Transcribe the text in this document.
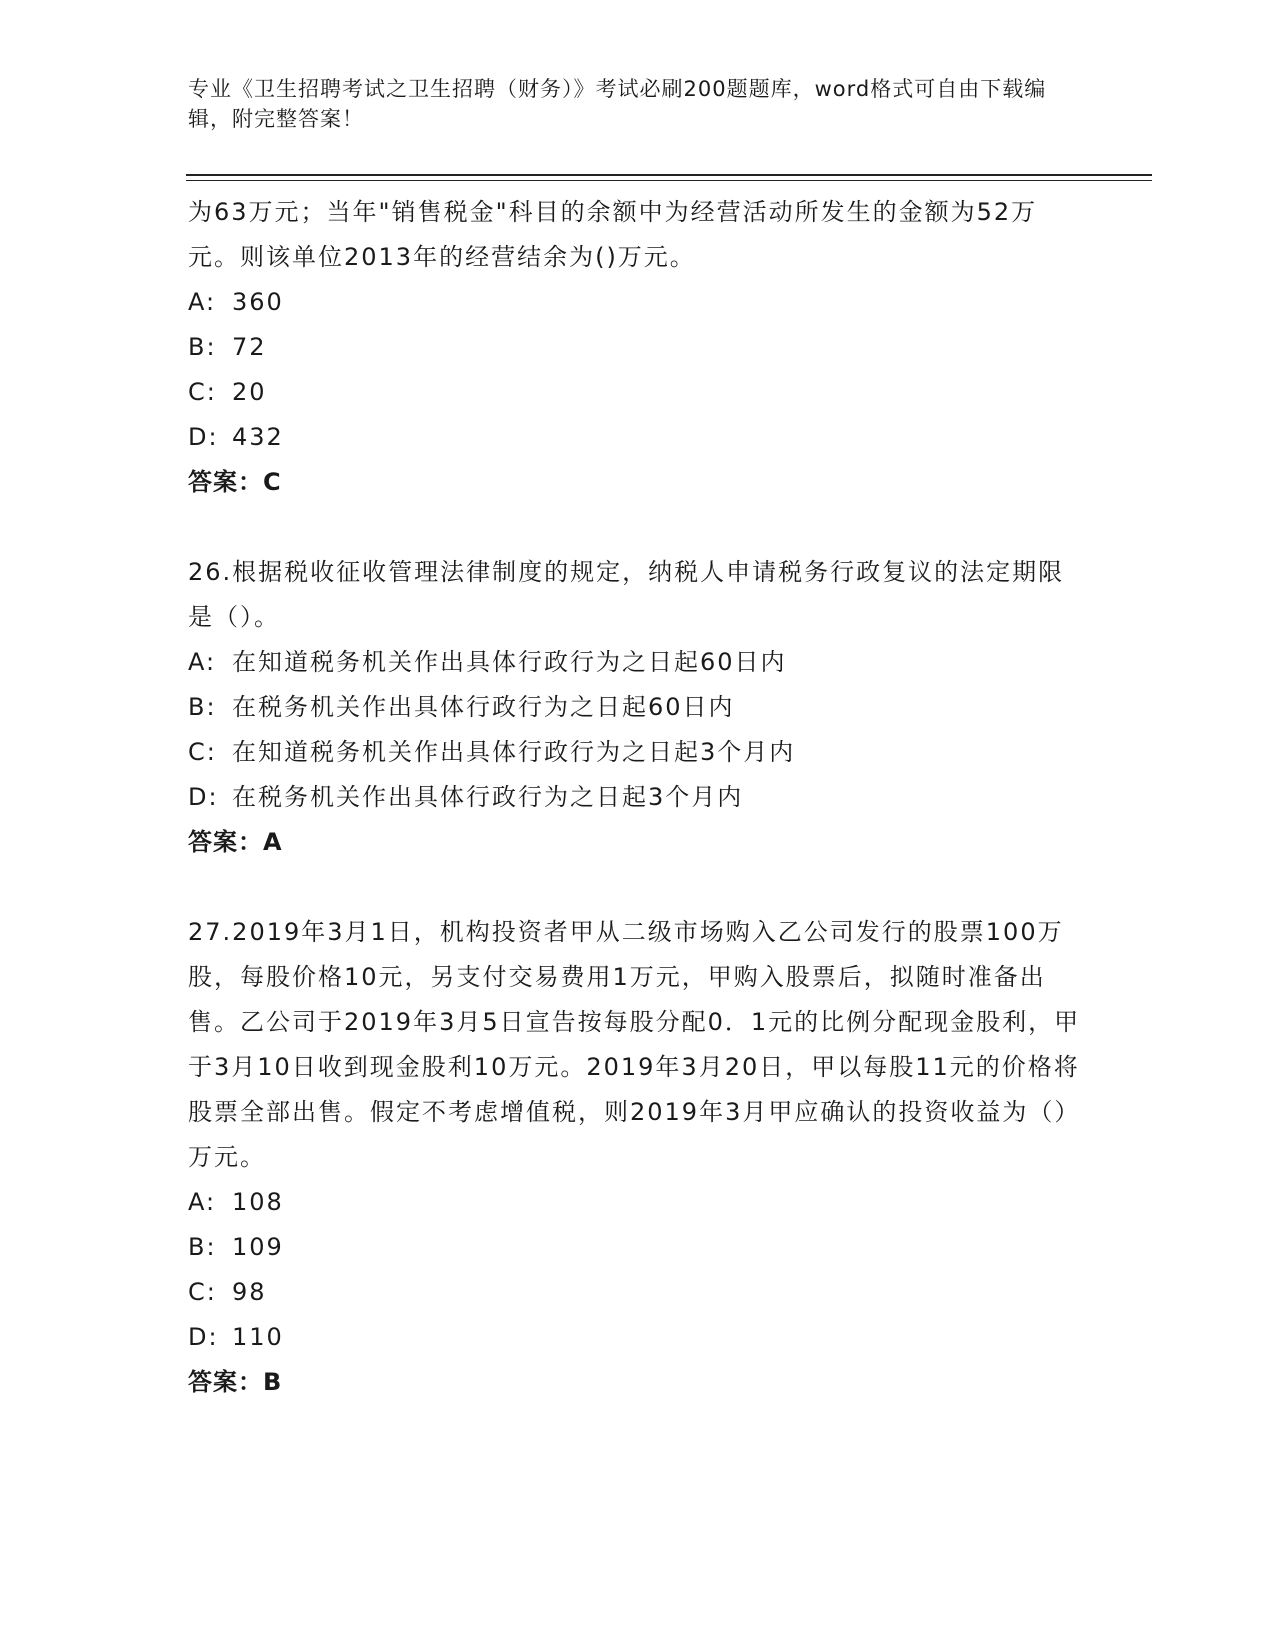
专业《卫生招聘考试之卫生招聘（财务）》考试必刷200题题库，word格式可自由下载编辑，附完整答案！

为63万元；当年"销售税金"科目的余额中为经营活动所发生的金额为52万元。则该单位2013年的经营结余为()万元。

A: 360

B: 72

C: 20

D: 432

答案：C

26.根据税收征收管理法律制度的规定，纳税人申请税务行政复议的法定期限是（）。

A: 在知道税务机关作出具体行政行为之日起60日内

B: 在税务机关作出具体行政行为之日起60日内

C: 在知道税务机关作出具体行政行为之日起3个月内

D: 在税务机关作出具体行政行为之日起3个月内

答案：A

27.2019年3月1日，机构投资者甲从二级市场购入乙公司发行的股票100万股，每股价格10元，另支付交易费用1万元，甲购入股票后，拟随时准备出售。乙公司于2019年3月5日宣告按每股分配0．1元的比例分配现金股利，甲于3月10日收到现金股利10万元。2019年3月20日，甲以每股11元的价格将股票全部出售。假定不考虑增值税，则2019年3月甲应确认的投资收益为（）万元。

A: 108

B: 109

C: 98

D: 110

答案：B
